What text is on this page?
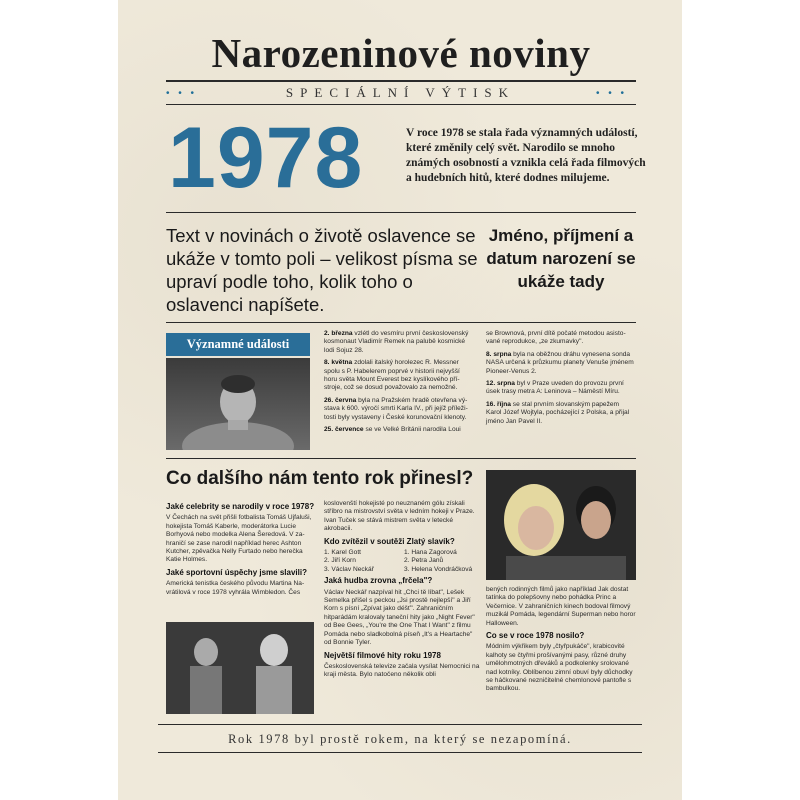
Narozeninové noviny
• • •	SPECIÁLNÍ VÝTISK	• • •
1978	V roce 1978 se stala řada významných událostí, které změnily celý svět. Narodilo se mnoho známých osobností a vznikla celá řada filmových a hudebních hitů, které dodnes milujeme.
Text v novinách o životě oslavence se ukáže v tomto poli – velikost písma se upraví podle toho, kolik toho o oslavenci napíšete.
Jméno, příjmení a datum narození se ukáže tady
Významné události

2. března vzlétl do vesmíru první československý kosmonaut Vladimír Remek na palubě kosmické lodi Sojuz 28.

8. května zdolali italský horolezec R. Messner spolu s P. Habelerem poprvé v historii nejvyšší horu světa Mount Everest bez kyslíkového přístroje, což se dosud považovalo za nemožné.

26. června byla na Pražském hradě otevřena výstava k 600. výročí smrti Karla IV., při jejíž příležitosti byly vystaveny i České korunovační klenoty.

25. července se ve Velké Británii narodila Loui

se Brownová, první dítě počaté metodou asistované reprodukce, „ze zkumavky".

8. srpna byla na oběžnou dráhu vynesena sonda NASA určená k průzkumu planety Venuše jménem Pioneer-Venus 2.

12. srpna byl v Praze uveden do provozu první úsek trasy metra A: Leninova – Náměstí Míru.

16. října se stal prvním slovanským papežem Karol Józef Wojtyla, pocházející z Polska, a přijal jméno Jan Pavel II.

Co dalšího nám tento rok přinesl?
Jaké celebrity se narodily v roce 1978?

V Čechách na svět přišli fotbalista Tomáš Ujfaluši, hokejista Tomáš Kaberle, moderátorka Lucie Borhyová nebo modelka Alena Šeredová. V zahraničí se zase narodil například herec Ashton Kutcher, zpěvačka Nelly Furtado nebo herečka Katie Holmes.

Jaké sportovní úspěchy jsme slavili?

Americká tenistka českého původu Martina Navrátilová v roce 1978 vyhrála Wimbledon. Čes

koslovenští hokejisté po neuznaném gólu získali stříbro na mistrovství světa v ledním hokeji v Praze. Ivan Tuček se stává mistrem světa v letecké akrobacii.

Kdo zvítězil v soutěži Zlatý slavík?
1. Karel Gott	1. Hana Zagorová
2. Jiří Korn	2. Petra Janů
3. Václav Neckář	3. Helena Vondráčková
Jaká hudba zrovna „frčela"?

Václav Neckář nazpíval hit „Chci tě líbat", Lešek Semelka přišel s peckou „Jsi prostě nejlepší" a Jiří Korn s písní „Zpívat jako déšť". Zahraničním hitparádám kralovaly taneční hity jako „Night Fever" od Bee Gees, „You're the One That I Want" z filmu Pomáda nebo sladkobolná píseň „It's a Heartache" od Bonnie Tyler.

Největší filmové hity roku 1978

Československá televize začala vysílat Nemocnici na kraji města. Bylo natočeno několik obli

bených rodinných filmů jako například Jak dostat tatínka do polepšovny nebo pohádka Princ a Večernice. V zahraničních kinech bodoval filmový muzikál Pomáda, legendární Superman nebo horor Halloween.

Co se v roce 1978 nosilo?

Módním výkřikem byly „čtyřpukáče", krabicovité kalhoty se čtyřmi prošívanými pasy, různé druhy umělohmotných dřeváků a podkolenky srolované nad kotníky. Oblíbenou zimní obuví byly důchodky se háčkované nezničitelné chemlonové pantofle s bambulkou.

Rok 1978 byl prostě rokem, na který se nezapomíná.
